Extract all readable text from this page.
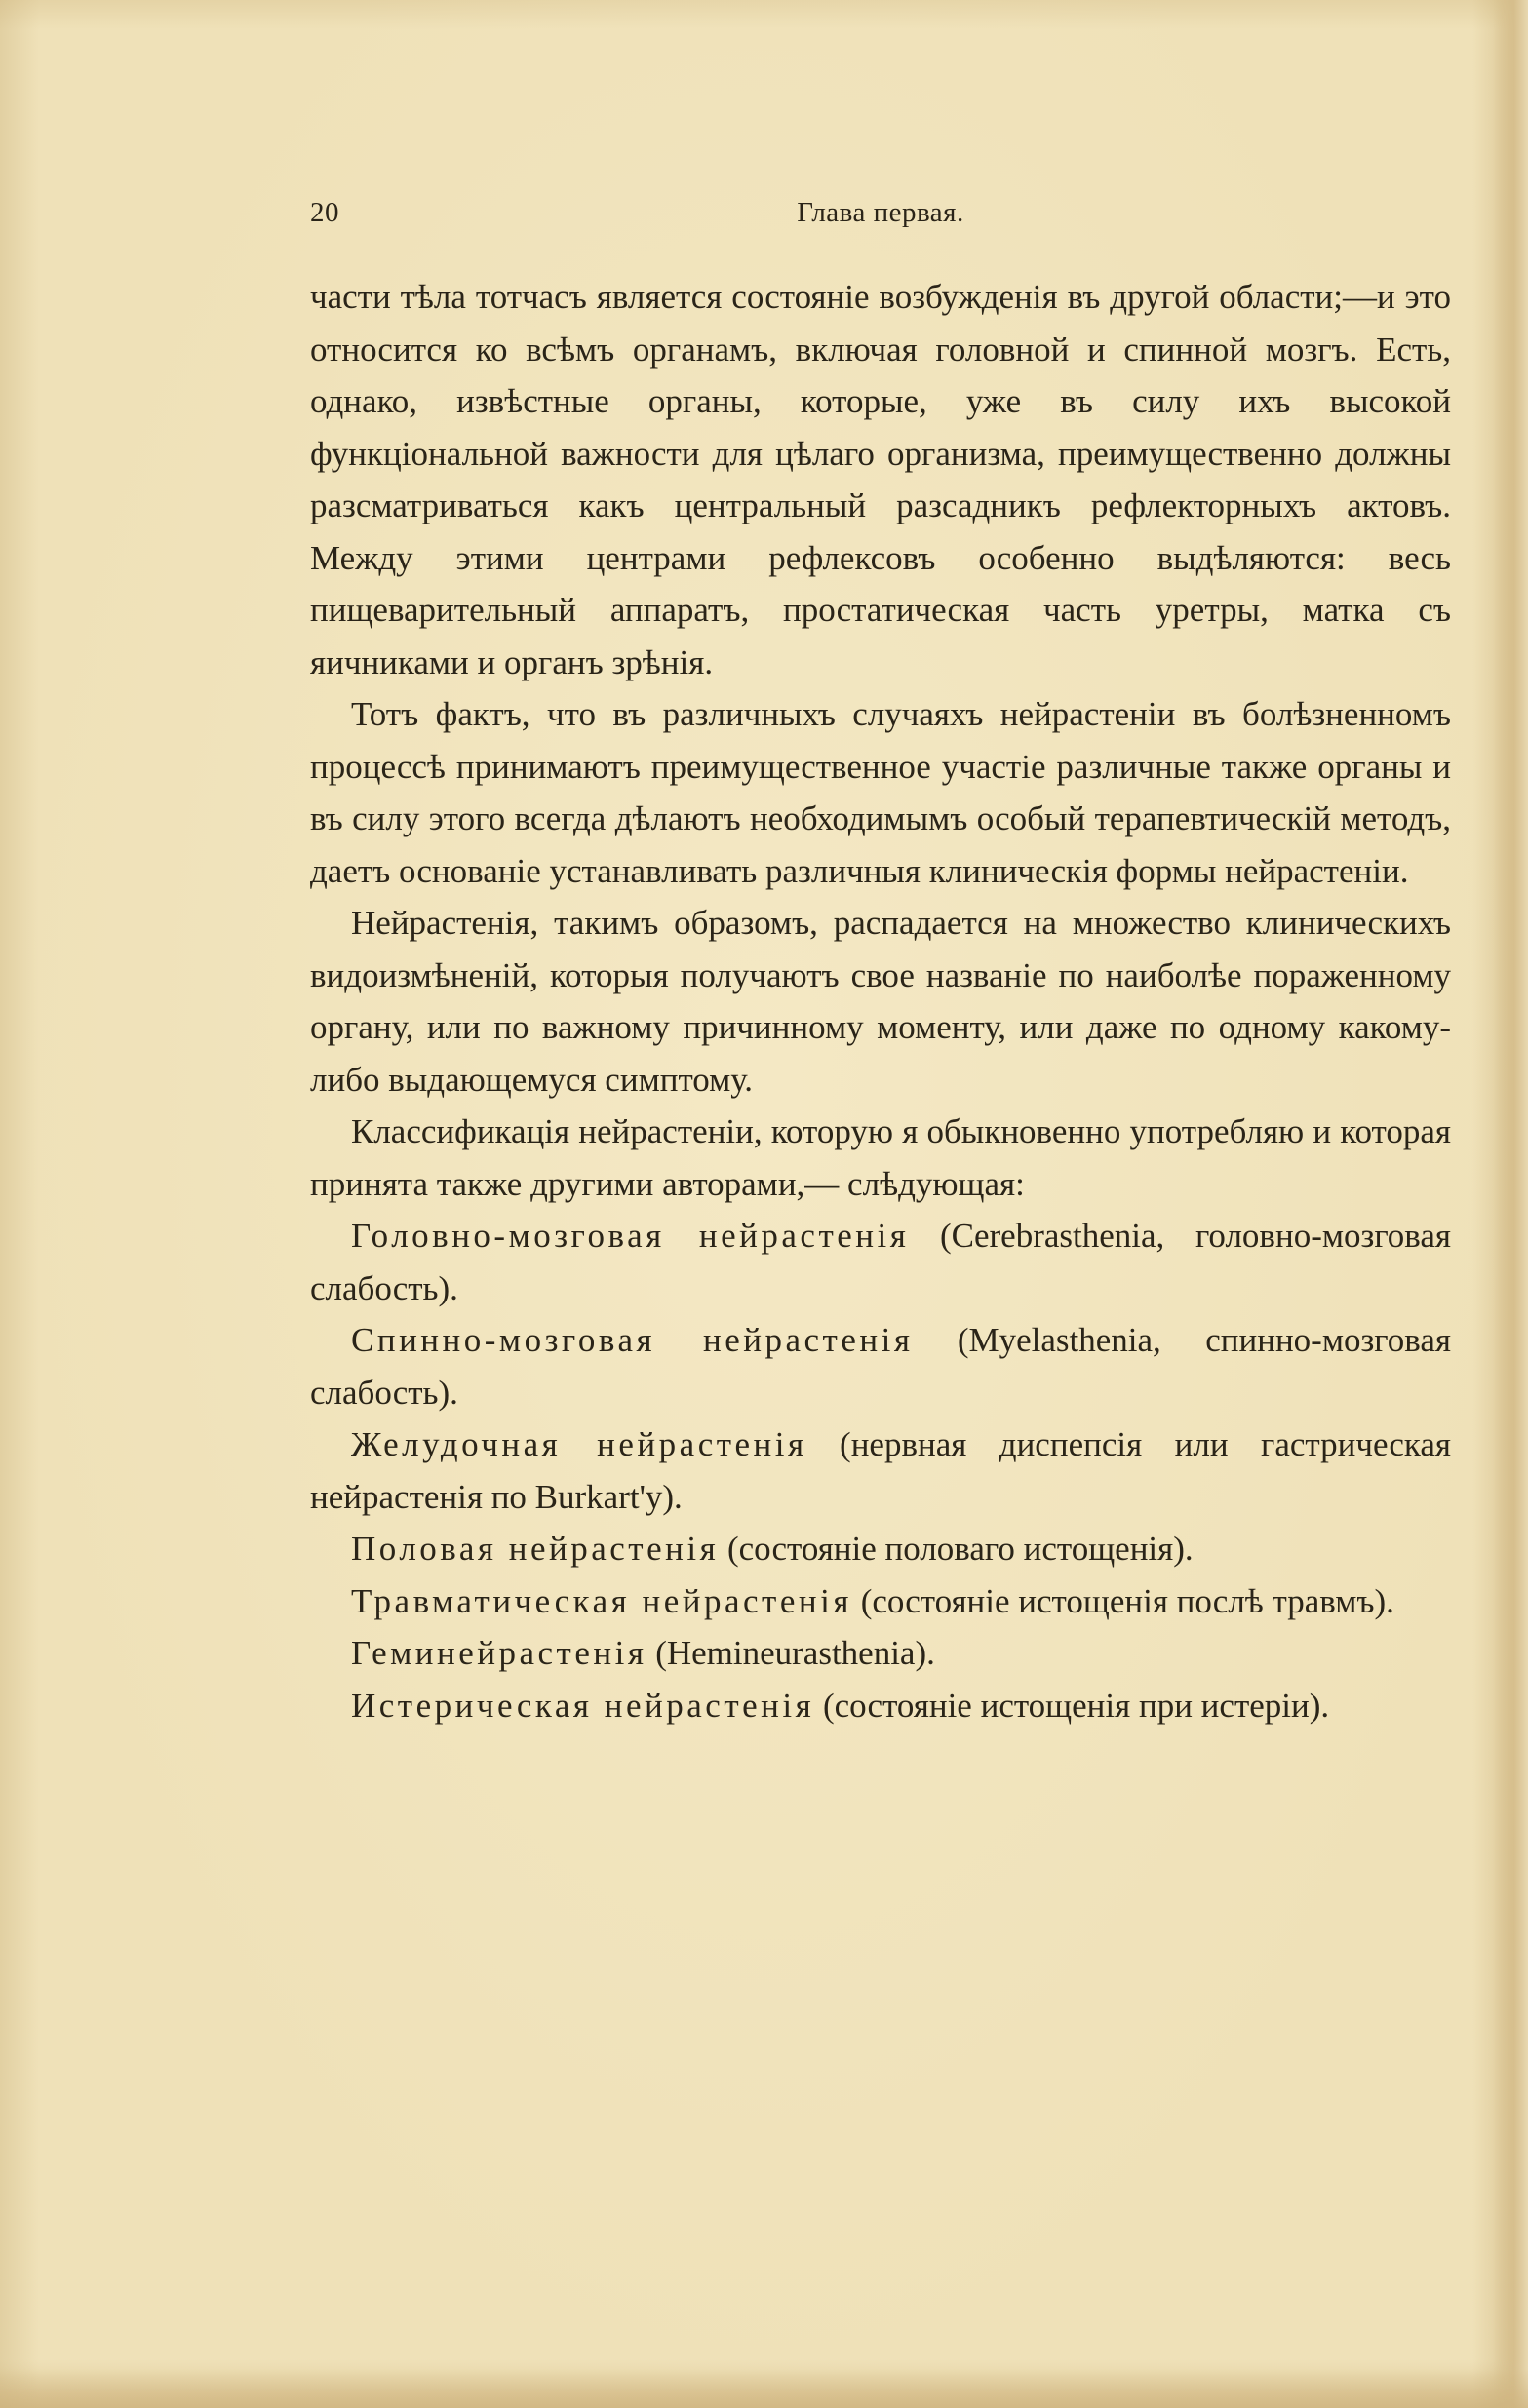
20	Глава первая.

части тѣла тотчасъ является состояніе возбужденія въ другой области;—и это относится ко всѣмъ органамъ, включая головной и спинной мозгъ. Есть, однако, извѣстные органы, которые, уже въ силу ихъ высокой функціональной важности для цѣлаго организма, преимущественно должны разсматриваться какъ центральный разсадникъ рефлекторныхъ актовъ. Между этими центрами рефлексовъ особенно выдѣляются: весь пищеварительный аппаратъ, простатическая часть уретры, матка съ яичниками и органъ зрѣнія.

Тотъ фактъ, что въ различныхъ случаяхъ нейрастеніи въ болѣзненномъ процессѣ принимаютъ преимущественное участіе различные также органы и въ силу этого всегда дѣлаютъ необходимымъ особый терапевтическій методъ, даетъ основаніе устанавливать различныя клиническія формы нейрастеніи.

Нейрастенія, такимъ образомъ, распадается на множество клиническихъ видоизмѣненій, которыя получаютъ свое названіе по наиболѣе пораженному органу, или по важному причинному моменту, или даже по одному какому-либо выдающемуся симптому.

Классификація нейрастеніи, которую я обыкновенно употребляю и которая принята также другими авторами,— слѣдующая:

Головно-мозговая нейрастенія (Cerebrasthenia, головно-мозговая слабость).

Спинно-мозговая нейрастенія (Myelasthenia, спинно-мозговая слабость).

Желудочная нейрастенія (нервная диспепсія или гастрическая нейрастенія по Burkart'у).

Половая нейрастенія (состояніе половаго истощенія).

Травматическая нейрастенія (состояніе истощенія послѣ травмъ).

Геминейрастенія (Hemineurasthenia).

Истерическая нейрастенія (состояніе истощенія при истеріи).
